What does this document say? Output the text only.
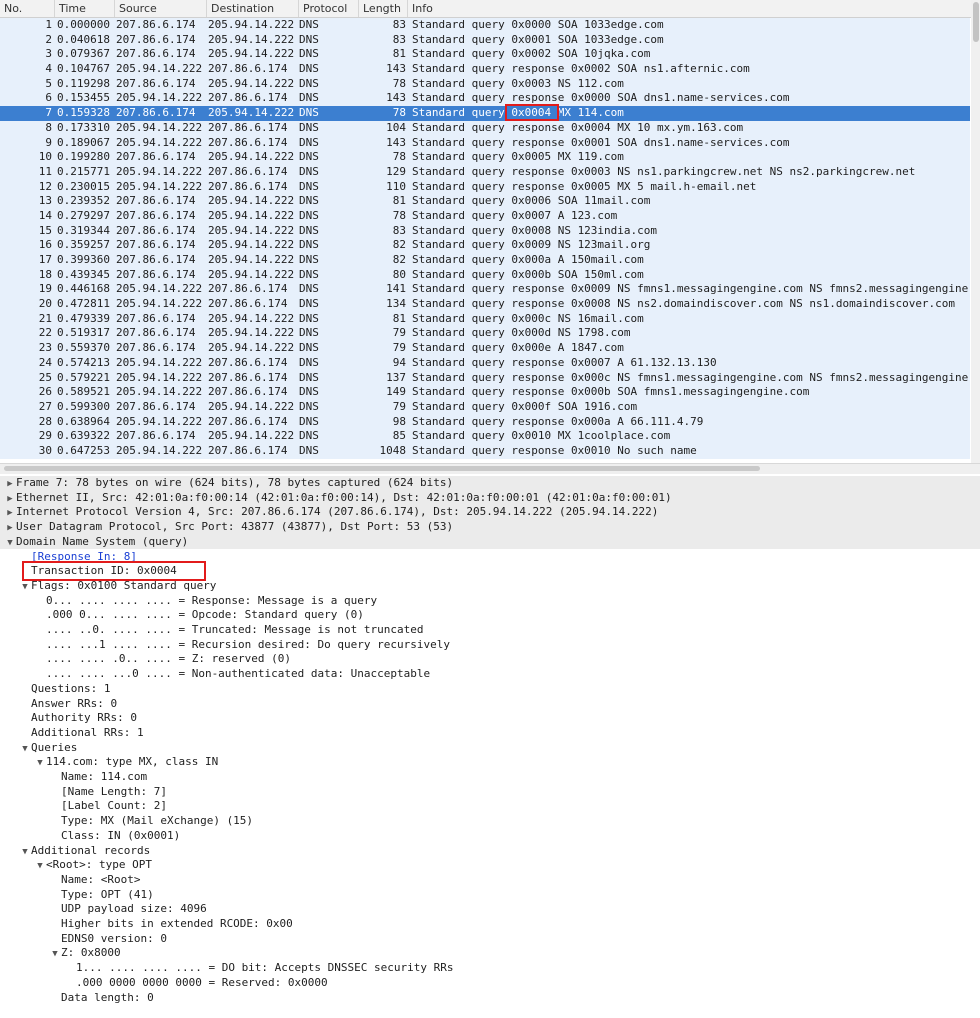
No.	Time	Source	Destination	Protocol	Length	Info
1 0.000000 207.86.6.174	205.94.14.222 DNS	83 Standard query 0x0000 SOA 1033edge.com
2 0.040618 207.86.6.174	205.94.14.222 DNS	83 Standard query 0x0001 SOA 1033edge.com
3 0.079367 207.86.6.174	205.94.14.222 DNS	81 Standard query 0x0002 SOA 10jqka.com
4 0.104767 205.94.14.222 207.86.6.174	DNS	143 Standard query response 0x0002 SOA ns1.afternic.com
5 0.119298 207.86.6.174	205.94.14.222 DNS	78 Standard query 0x0003 NS 112.com
6 0.153455 205.94.14.222 207.86.6.174	DNS	143 Standard query response 0x0000 SOA dns1.name-services.com
7 0.159328 207.86.6.174	205.94.14.222 DNS	78 Standard query 0x0004 MX 114.com
8 0.173310 205.94.14.222 207.86.6.174	DNS	104 Standard query response 0x0004 MX 10 mx.ym.163.com
9 0.189067 205.94.14.222 207.86.6.174	DNS	143 Standard query response 0x0001 SOA dns1.name-services.com
10 0.199280 207.86.6.174	205.94.14.222 DNS	78 Standard query 0x0005 MX 119.com
11 0.215771 205.94.14.222 207.86.6.174	DNS	129 Standard query response 0x0003 NS ns1.parkingcrew.net NS ns2.parkingcrew.net
12 0.230015 205.94.14.222 207.86.6.174	DNS	110 Standard query response 0x0005 MX 5 mail.h-email.net
13 0.239352 207.86.6.174	205.94.14.222 DNS	81 Standard query 0x0006 SOA 11mail.com
14 0.279297 207.86.6.174	205.94.14.222 DNS	78 Standard query 0x0007 A 123.com
15 0.319344 207.86.6.174	205.94.14.222 DNS	83 Standard query 0x0008 NS 123india.com
16 0.359257 207.86.6.174	205.94.14.222 DNS	82 Standard query 0x0009 NS 123mail.org
17 0.399360 207.86.6.174	205.94.14.222 DNS	82 Standard query 0x000a A 150mail.com
18 0.439345 207.86.6.174	205.94.14.222 DNS	80 Standard query 0x000b SOA 150ml.com
19 0.446168 205.94.14.222 207.86.6.174	DNS	141 Standard query response 0x0009 NS fmns1.messagingengine.com NS fmns2.messagingengine
20 0.472811 205.94.14.222 207.86.6.174	DNS	134 Standard query response 0x0008 NS ns2.domaindiscover.com NS ns1.domaindiscover.com
21 0.479339 207.86.6.174	205.94.14.222 DNS	81 Standard query 0x000c NS 16mail.com
22 0.519317 207.86.6.174	205.94.14.222 DNS	79 Standard query 0x000d NS 1798.com
23 0.559370 207.86.6.174	205.94.14.222 DNS	79 Standard query 0x000e A 1847.com
24 0.574213 205.94.14.222 207.86.6.174	DNS	94 Standard query response 0x0007 A 61.132.13.130
25 0.579221 205.94.14.222 207.86.6.174	DNS	137 Standard query response 0x000c NS fmns1.messagingengine.com NS fmns2.messagingengine
26 0.589521 205.94.14.222 207.86.6.174	DNS	149 Standard query response 0x000b SOA fmns1.messagingengine.com
27 0.599300 207.86.6.174	205.94.14.222 DNS	79 Standard query 0x000f SOA 1916.com
28 0.638964 205.94.14.222 207.86.6.174	DNS	98 Standard query response 0x000a A 66.111.4.79
29 0.639322 207.86.6.174	205.94.14.222 DNS	85 Standard query 0x0010 MX 1coolplace.com
30 0.647253 205.94.14.222 207.86.6.174	DNS	1048 Standard query response 0x0010 No such name
▶ Frame 7: 78 bytes on wire (624 bits), 78 bytes captured (624 bits)
▶ Ethernet II, Src: 42:01:0a:f0:00:14 (42:01:0a:f0:00:14), Dst: 42:01:0a:f0:00:01 (42:01:0a:f0:00:01)
▶ Internet Protocol Version 4, Src: 207.86.6.174 (207.86.6.174), Dst: 205.94.14.222 (205.94.14.222)
▶ User Datagram Protocol, Src Port: 43877 (43877), Dst Port: 53 (53)
▼ Domain Name System (query)
[Response In: 8]
Transaction ID: 0x0004
▼ Flags: 0x0100 Standard query
0... .... .... .... = Response: Message is a query
.000 0... .... .... = Opcode: Standard query (0)
.... ..0. .... .... = Truncated: Message is not truncated
.... ...1 .... .... = Recursion desired: Do query recursively
.... .... .0.. .... = Z: reserved (0)
.... .... ...0 .... = Non-authenticated data: Unacceptable
Questions: 1
Answer RRs: 0
Authority RRs: 0
Additional RRs: 1
▼ Queries
▼ 114.com: type MX, class IN
Name: 114.com
[Name Length: 7]
[Label Count: 2]
Type: MX (Mail eXchange) (15)
Class: IN (0x0001)
▼ Additional records
▼ <Root>: type OPT
Name: <Root>
Type: OPT (41)
UDP payload size: 4096
Higher bits in extended RCODE: 0x00
EDNS0 version: 0
▼ Z: 0x8000
1... .... .... .... = DO bit: Accepts DNSSEC security RRs
.000 0000 0000 0000 = Reserved: 0x0000
Data length: 0
